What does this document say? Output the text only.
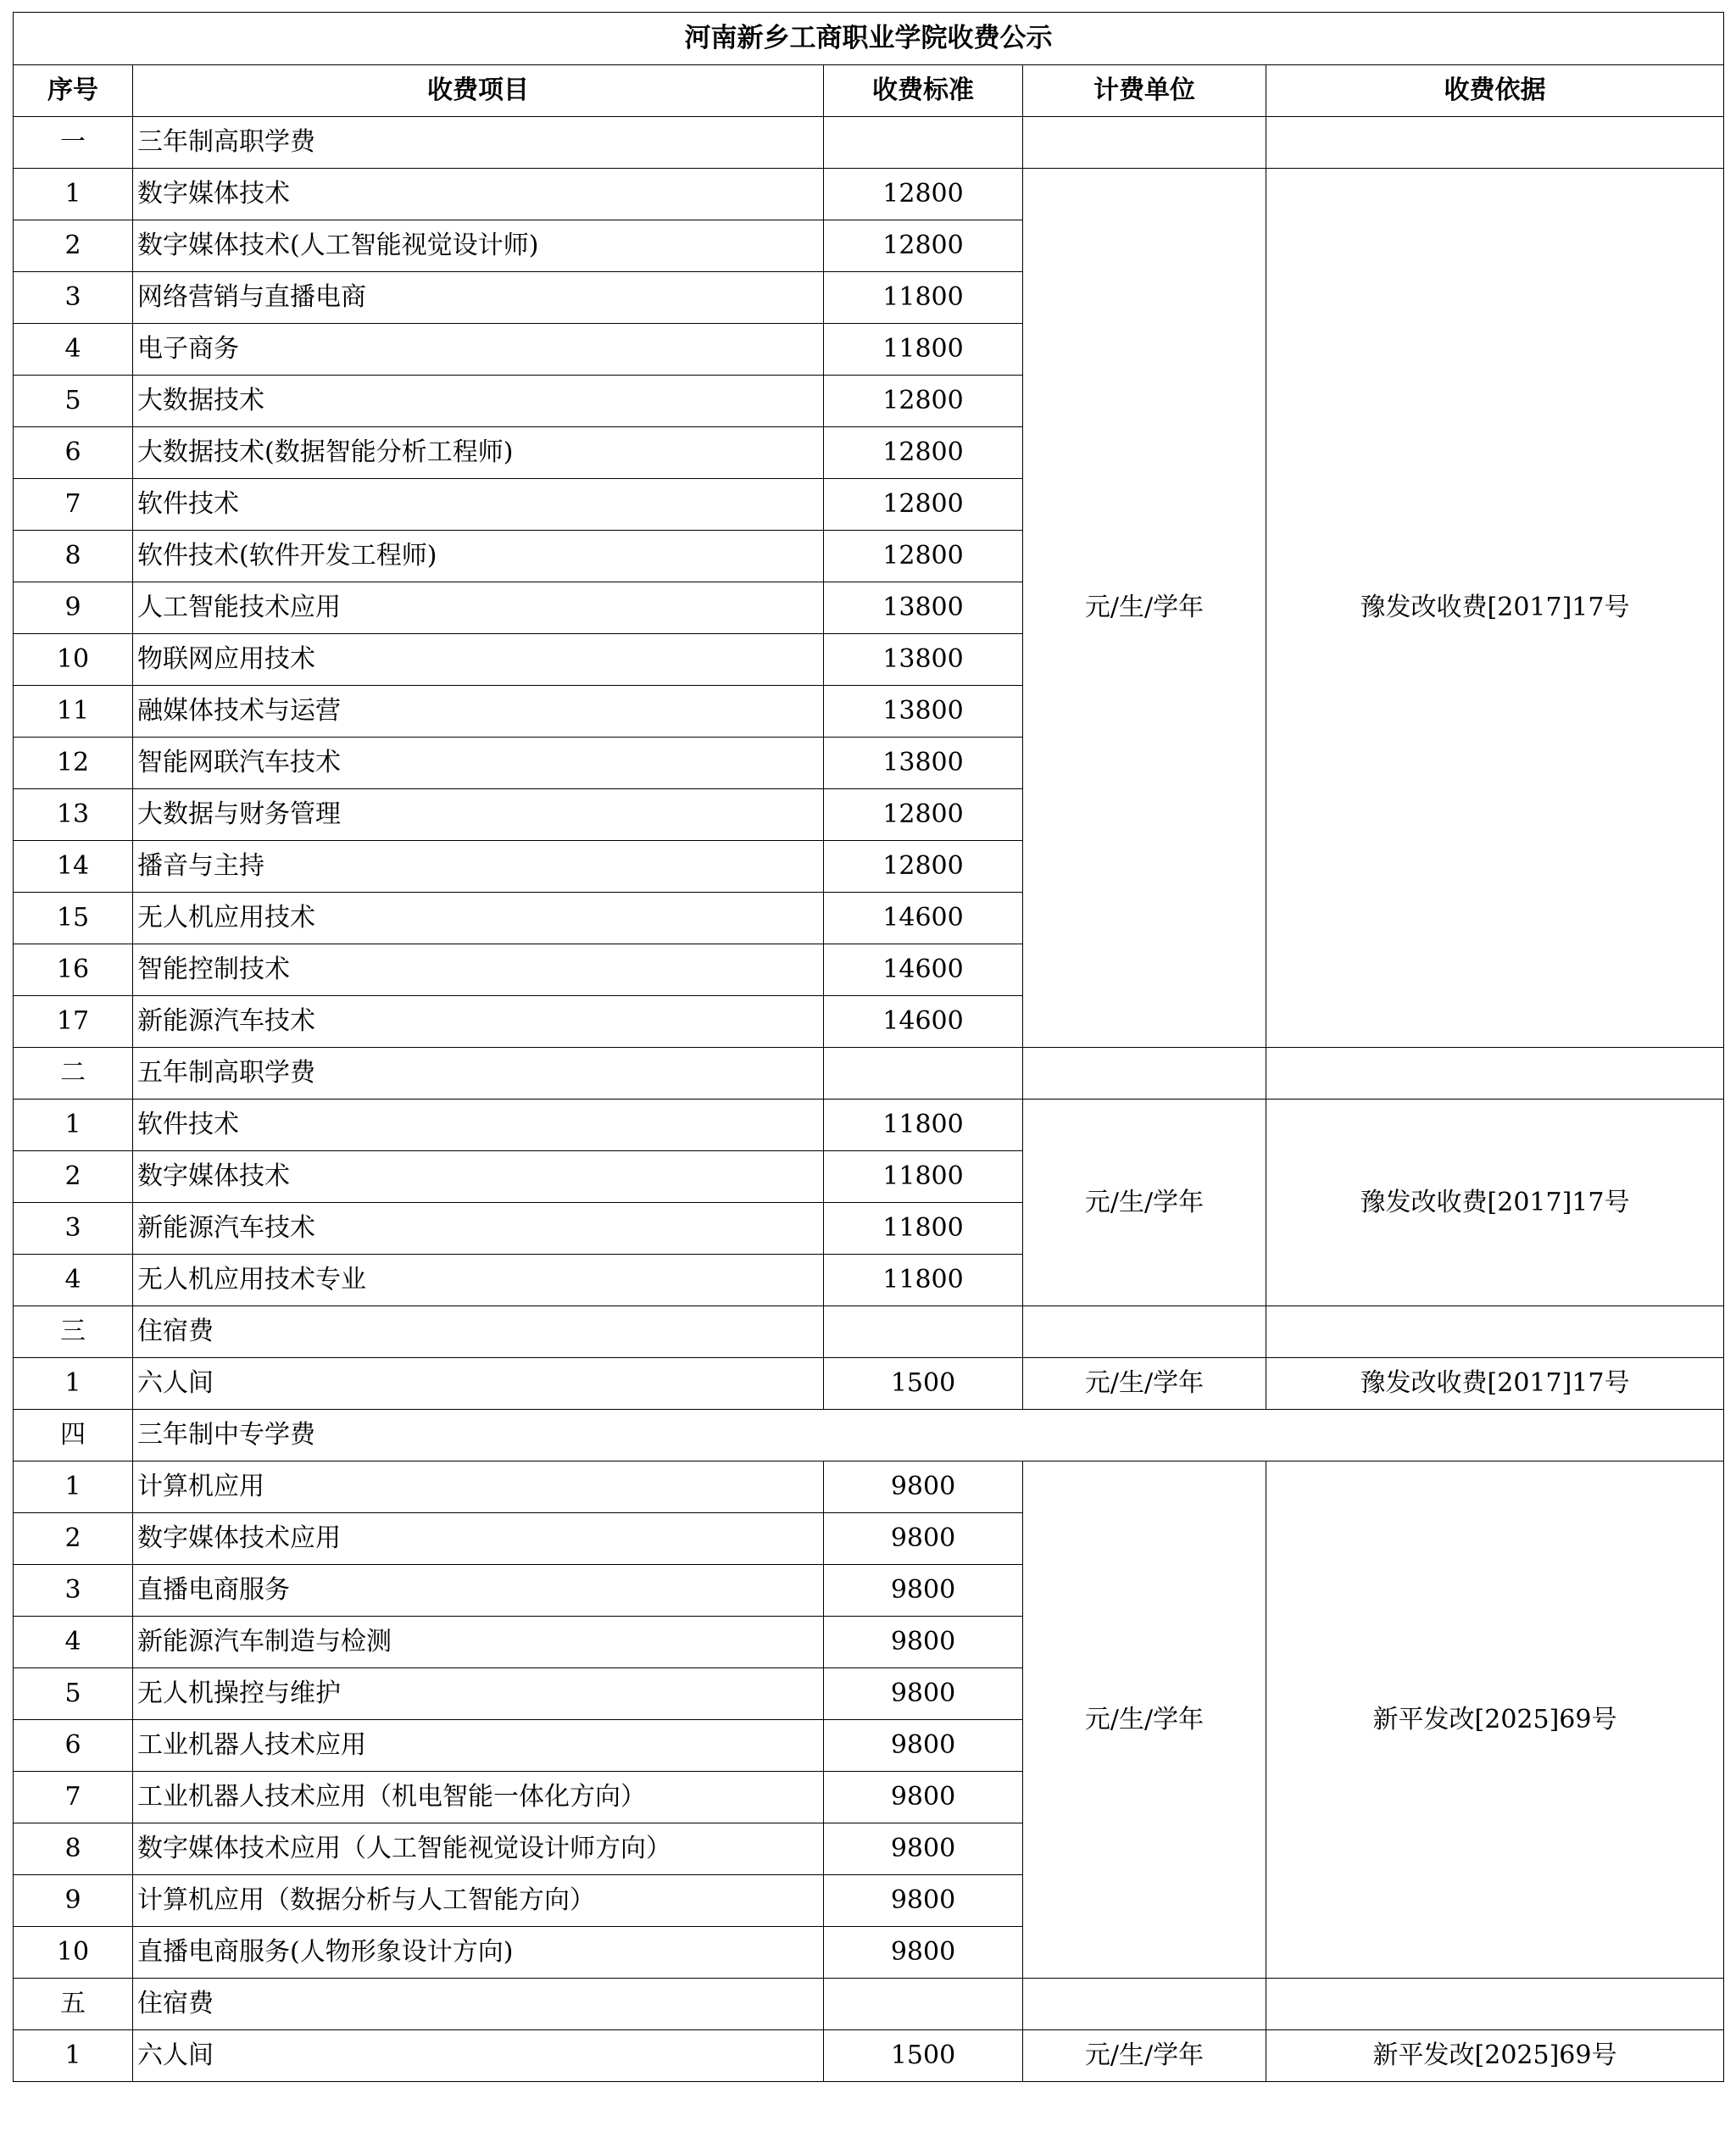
河南新乡工商职业学院收费公示				
序号	收费项目	收费标准	计费单位	收费依据
一	三年制高职学费			
1	数字媒体技术	12800	元/生/学年	豫发改收费[2017]17号
2	数字媒体技术(人工智能视觉设计师)	12800		
3	网络营销与直播电商	11800		
4	电子商务	11800		
5	大数据技术	12800		
6	大数据技术(数据智能分析工程师)	12800		
7	软件技术	12800		
8	软件技术(软件开发工程师)	12800		
9	人工智能技术应用	13800		
10	物联网应用技术	13800		
11	融媒体技术与运营	13800		
12	智能网联汽车技术	13800		
13	大数据与财务管理	12800		
14	播音与主持	12800		
15	无人机应用技术	14600		
16	智能控制技术	14600		
17	新能源汽车技术	14600		
二	五年制高职学费			
1	软件技术	11800	元/生/学年	豫发改收费[2017]17号
2	数字媒体技术	11800		
3	新能源汽车技术	11800		
4	无人机应用技术专业	11800		
三	住宿费			
1	六人间	1500	元/生/学年	豫发改收费[2017]17号
四	三年制中专学费			
1	计算机应用	9800	元/生/学年	新平发改[2025]69号
2	数字媒体技术应用	9800		
3	直播电商服务	9800		
4	新能源汽车制造与检测	9800		
5	无人机操控与维护	9800		
6	工业机器人技术应用	9800		
7	工业机器人技术应用（机电智能一体化方向）	9800		
8	数字媒体技术应用（人工智能视觉设计师方向）	9800		
9	计算机应用（数据分析与人工智能方向）	9800		
10	直播电商服务(人物形象设计方向)	9800		
五	住宿费			
1	六人间	1500	元/生/学年	新平发改[2025]69号
